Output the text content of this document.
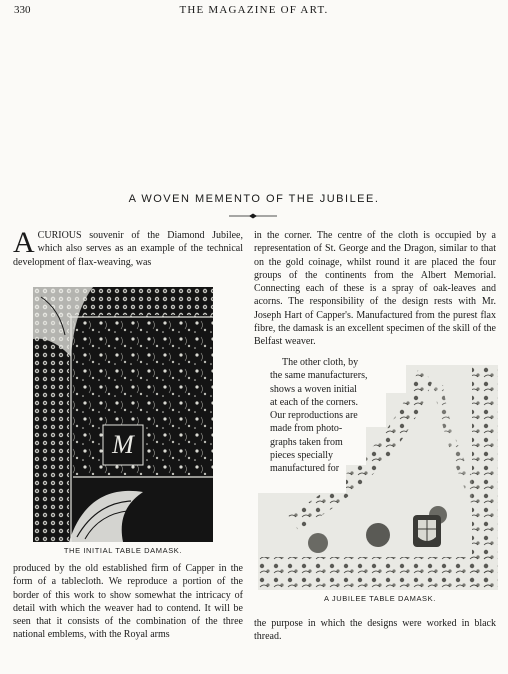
330	THE MAGAZINE OF ART.
A WOVEN MEMENTO OF THE JUBILEE.
A CURIOUS souvenir of the Diamond Jubilee, which also serves as an example of the technical development of flax-weaving, was
M
THE INITIAL TABLE DAMASK.
produced by the old established firm of Capper in the form of a tablecloth. We reproduce a portion of the border of this work to show somewhat the intricacy of detail with which the weaver had to contend. It will be seen that it consists of the combination of the three national emblems, with the Royal arms
in the corner. The centre of the cloth is occupied by a representation of St. George and the Dragon, similar to that on the gold coinage, whilst round it are placed the four groups of the continents from the Albert Memorial. Connecting each of these is a spray of oak-leaves and acorns. The responsibility of the design rests with Mr. Joseph Hart of Capper's. Manufactured from the purest flax fibre, the damask is an excellent specimen of the skill of the Belfast weaver.

The other cloth, by

the same manufacturers,

shows a woven initial

at each of the corners.

Our reproductions are

made from photo-

graphs taken from

pieces specially

manufactured for

A JUBILEE TABLE DAMASK.
the purpose in which the designs were worked in black thread.
